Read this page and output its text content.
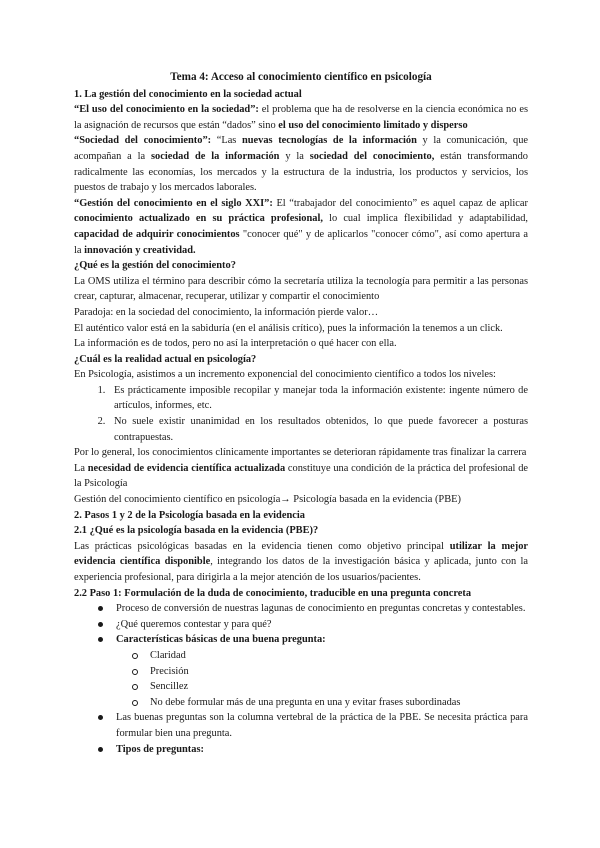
Tema 4: Acceso al conocimiento científico en psicología
1. La gestión del conocimiento en la sociedad actual

“El uso del conocimiento en la sociedad”: el problema que ha de resolverse en la ciencia económica no es la asignación de recursos que están “dados” sino el uso del conocimiento limitado y disperso

“Sociedad del conocimiento”: “Las nuevas tecnologías de la información y la comunicación, que acompañan a la sociedad de la información y la sociedad del conocimiento, están transformando radicalmente las economías, los mercados y la estructura de la industria, los productos y servicios, los puestos de trabajo y los mercados laborales.

“Gestión del conocimiento en el siglo XXI”: El “trabajador del conocimiento” es aquel capaz de aplicar conocimiento actualizado en su práctica profesional, lo cual implica flexibilidad y adaptabilidad, capacidad de adquirir conocimientos "conocer qué" y de aplicarlos "conocer cómo", así como apertura a la innovación y creatividad.

¿Qué es la gestión del conocimiento?

La OMS utiliza el término para describir cómo la secretaría utiliza la tecnología para permitir a las personas crear, capturar, almacenar, recuperar, utilizar y compartir el conocimiento

Paradoja: en la sociedad del conocimiento, la información pierde valor…

El auténtico valor está en la sabiduría (en el análisis crítico), pues la información la tenemos a un click.

La información es de todos, pero no así la interpretación o qué hacer con ella.

¿Cuál es la realidad actual en psicología?

En Psicología, asistimos a un incremento exponencial del conocimiento científico a todos los niveles:

1. Es prácticamente imposible recopilar y manejar toda la información existente: ingente número de artículos, informes, etc.
2. No suele existir unanimidad en los resultados obtenidos, lo que puede favorecer a posturas contrapuestas.

Por lo general, los conocimientos clínicamente importantes se deterioran rápidamente tras finalizar la carrera

La necesidad de evidencia científica actualizada constituye una condición de la práctica del profesional de la Psicología

Gestión del conocimiento científico en psicología→ Psicología basada en la evidencia (PBE)

2. Pasos 1 y 2 de la Psicología basada en la evidencia
2.1 ¿Qué es la psicología basada en la evidencia (PBE)?

Las prácticas psicológicas basadas en la evidencia tienen como objetivo principal utilizar la mejor evidencia científica disponible, integrando los datos de la investigación básica y aplicada, junto con la experiencia profesional, para dirigirla a la mejor atención de los usuarios/pacientes.

2.2 Paso 1: Formulación de la duda de conocimiento, traducible en una pregunta concreta
Proceso de conversión de nuestras lagunas de conocimiento en preguntas concretas y contestables.
¿Qué queremos contestar y para qué?
Características básicas de una buena pregunta:
Claridad
Precisión
Sencillez
No debe formular más de una pregunta en una y evitar frases subordinadas
Las buenas preguntas son la columna vertebral de la práctica de la PBE. Se necesita práctica para formular bien una pregunta.
Tipos de preguntas:
